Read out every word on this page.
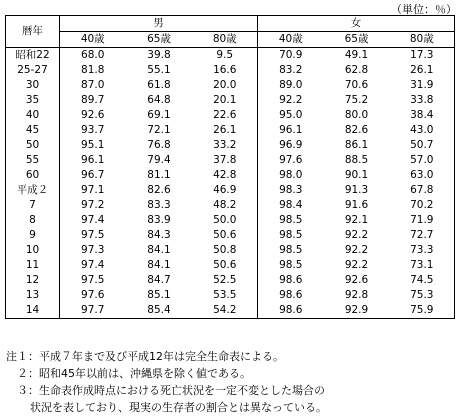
（単位：％）
暦年	男			女		
	40歳	65歳	80歳	40歳	65歳	80歳
昭和22	68.0	39.8	9.5	70.9	49.1	17.3
25-27	81.8	55.1	16.6	83.2	62.8	26.1
30	87.0	61.8	20.0	89.0	70.6	31.9
35	89.7	64.8	20.1	92.2	75.2	33.8
40	92.6	69.1	22.6	95.0	80.0	38.4
45	93.7	72.1	26.1	96.1	82.6	43.0
50	95.1	76.8	33.2	96.9	86.1	50.7
55	96.1	79.4	37.8	97.6	88.5	57.0
60	96.7	81.1	42.8	98.0	90.1	63.0
平成２	97.1	82.6	46.9	98.3	91.3	67.8
7	97.2	83.3	48.2	98.4	91.6	70.2
8	97.4	83.9	50.0	98.5	92.1	71.9
9	97.5	84.3	50.6	98.5	92.2	72.7
10	97.3	84.1	50.8	98.5	92.2	73.3
11	97.4	84.1	50.6	98.5	92.2	73.1
12	97.5	84.7	52.5	98.6	92.6	74.5
13	97.6	85.1	53.5	98.6	92.8	75.3
14	97.7	85.4	54.2	98.6	92.9	75.9
注１：平成７年まで及び平成12年は完全生命表による。
　２：昭和45年以前は、沖縄県を除く値である。
　３：生命表作成時点における死亡状況を一定不変とした場合の
状況を表しており、現実の生存者の割合とは異なっている。
